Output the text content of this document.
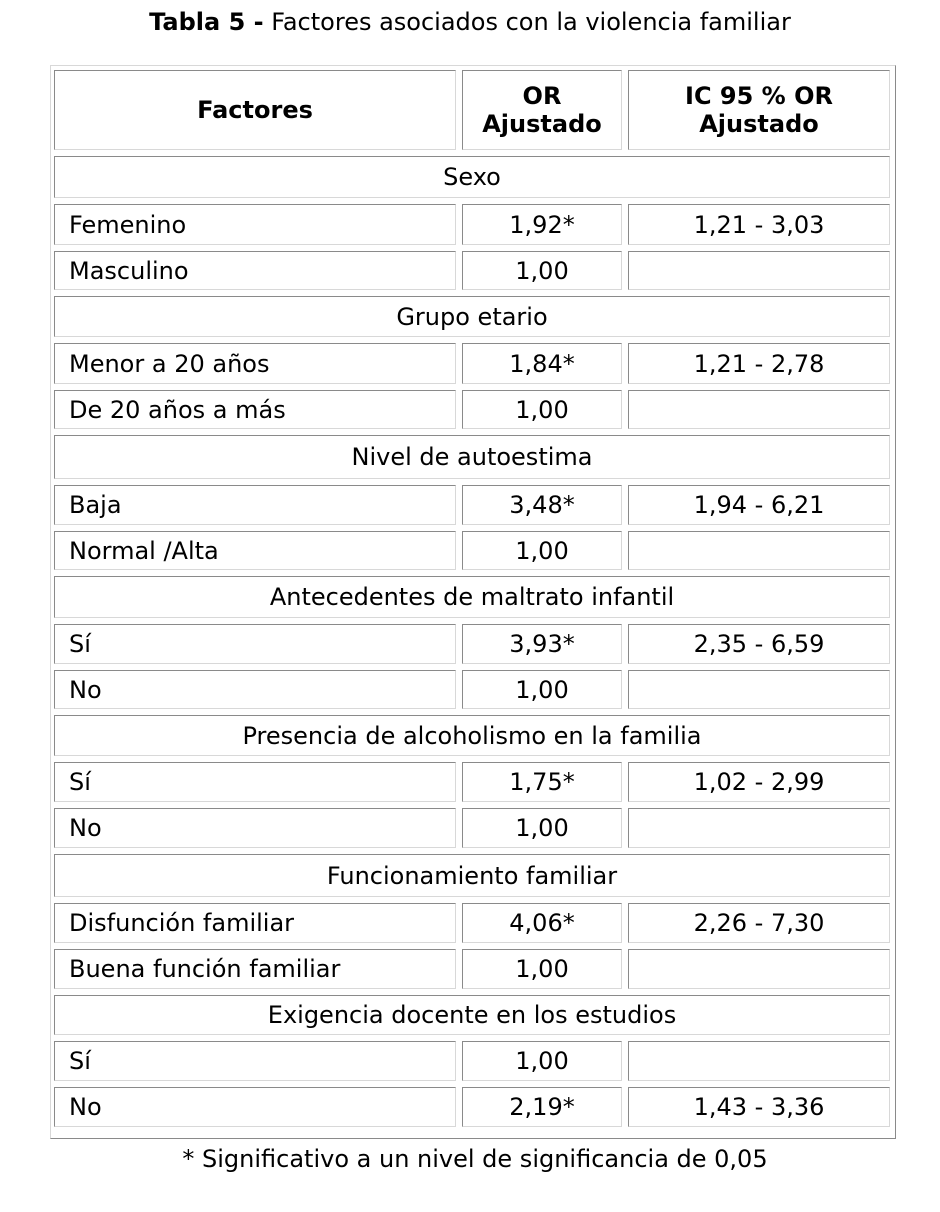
Tabla 5 - Factores asociados con la violencia familiar
Factores	OR Ajustado	IC 95 % OR Ajustado
Sexo		
Femenino	1,92*	1,21 - 3,03
Masculino	1,00	
Grupo etario		
Menor a 20 años	1,84*	1,21 - 2,78
De 20 años a más	1,00	
Nivel de autoestima		
Baja	3,48*	1,94 - 6,21
Normal /Alta	1,00	
Antecedentes de maltrato infantil		
Sí	3,93*	2,35 - 6,59
No	1,00	
Presencia de alcoholismo en la familia		
Sí	1,75*	1,02 - 2,99
No	1,00	
Funcionamiento familiar		
Disfunción familiar	4,06*	2,26 - 7,30
Buena función familiar	1,00	
Exigencia docente en los estudios		
Sí	1,00	
No	2,19*	1,43 - 3,36
* Significativo a un nivel de significancia de 0,05
